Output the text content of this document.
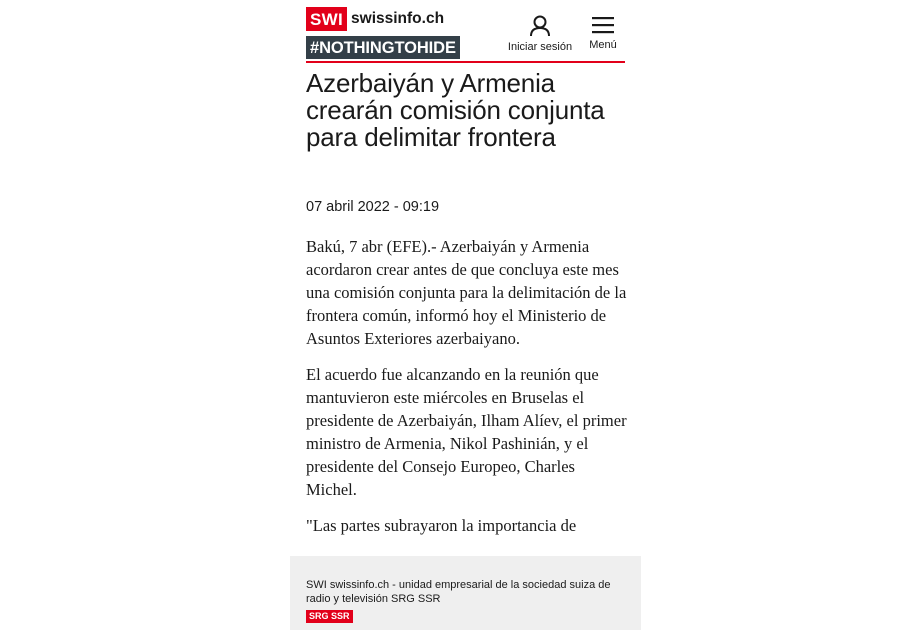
SWI swissinfo.ch
#NOTHINGTOHIDE	Iniciar sesión Menú
Azerbaiyán y Armenia crearán comisión conjunta para delimitar frontera
07 abril 2022 - 09:19

Bakú, 7 abr (EFE).- Azerbaiyán y Armenia acordaron crear antes de que concluya este mes una comisión conjunta para la delimitación de la frontera común, informó hoy el Ministerio de Asuntos Exteriores azerbaiyano.

El acuerdo fue alcanzando en la reunión que mantuvieron este miércoles en Bruselas el presidente de Azerbaiyán, Ilham Alíev, el primer ministro de Armenia, Nikol Pashinián, y el presidente del Consejo Europeo, Charles Michel.

"Las partes subrayaron la importancia de

SWI swissinfo.ch - unidad empresarial de la sociedad suiza de radio y televisión SRG SSR
SRG SSR
